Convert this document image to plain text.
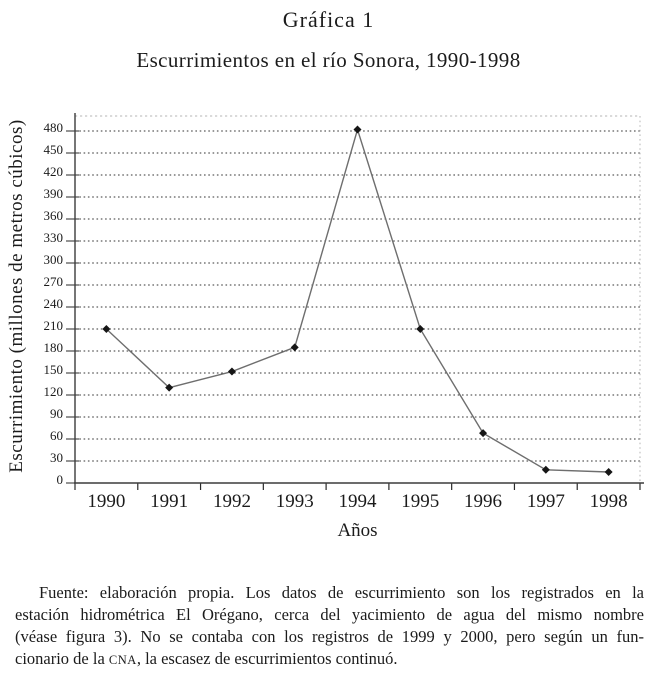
Gráfica 1
Escurrimientos en el río Sonora, 1990-1998
0
30
60
90
120
150
180
210
240
270
300
330
360
390
420
450
480
1990 1991 1992 1993 1994 1995 1996 1997 1998
Escurrimiento (millones de metros cúbicos)
Años
Fuente: elaboración propia. Los datos de escurrimiento son los registrados en la
estación hidrométrica El Orégano, cerca del yacimiento de agua del mismo nombre
(véase figura 3). No se contaba con los registros de 1999 y 2000, pero según un fun-
cionario de la CNA, la escasez de escurrimientos continuó.
